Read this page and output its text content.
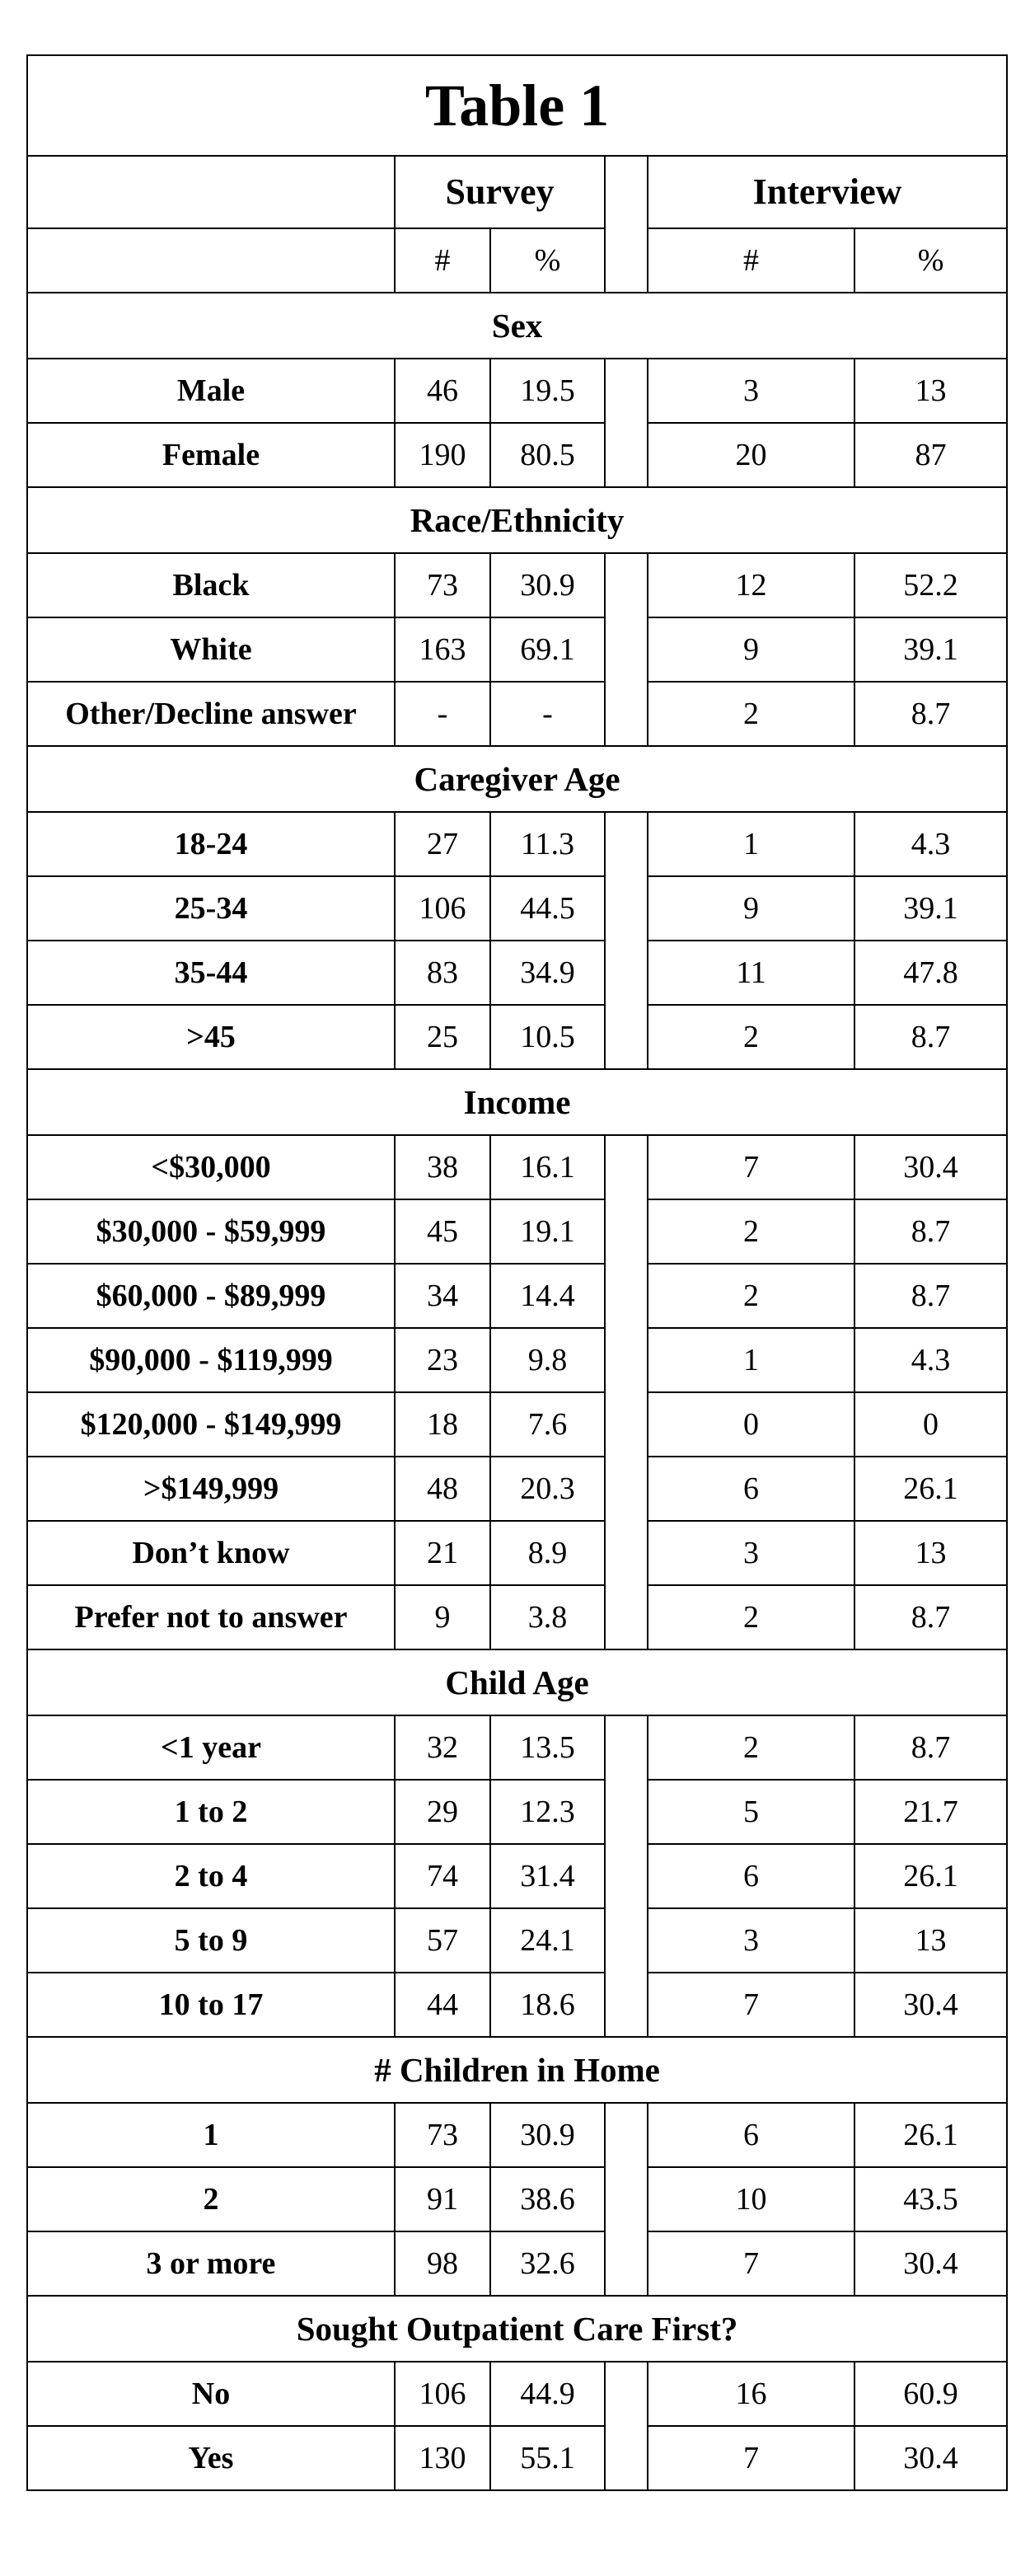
Table 1					
	Survey			Interview	
	#	%		#	%
Sex					
Male	46	19.5		3	13
Female	190	80.5		20	87
Race/Ethnicity					
Black	73	30.9		12	52.2
White	163	69.1		9	39.1
Other/Decline answer	-	-		2	8.7
Caregiver Age					
18-24	27	11.3		1	4.3
25-34	106	44.5		9	39.1
35-44	83	34.9		11	47.8
>45	25	10.5		2	8.7
Income					
<$30,000	38	16.1		7	30.4
$30,000 - $59,999	45	19.1		2	8.7
$60,000 - $89,999	34	14.4		2	8.7
$90,000 - $119,999	23	9.8		1	4.3
$120,000 - $149,999	18	7.6		0	0
>$149,999	48	20.3		6	26.1
Don’t know	21	8.9		3	13
Prefer not to answer	9	3.8		2	8.7
Child Age					
<1 year	32	13.5		2	8.7
1 to 2	29	12.3		5	21.7
2 to 4	74	31.4		6	26.1
5 to 9	57	24.1		3	13
10 to 17	44	18.6		7	30.4
# Children in Home					
1	73	30.9		6	26.1
2	91	38.6		10	43.5
3 or more	98	32.6		7	30.4
Sought Outpatient Care First?					
No	106	44.9		16	60.9
Yes	130	55.1		7	30.4
